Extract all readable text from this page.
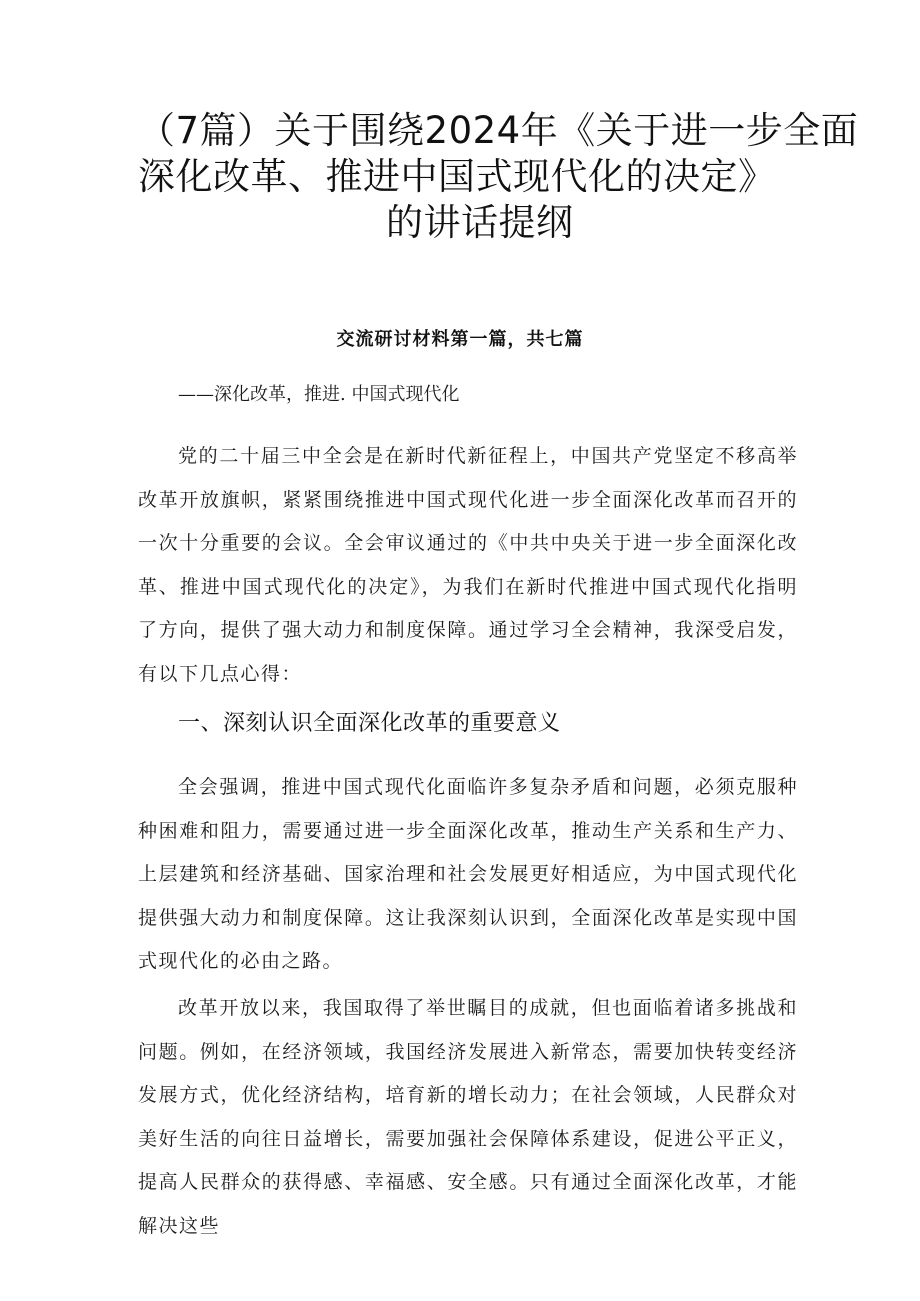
（7篇）关于围绕2024年《关于进一步全面
深化改革、推进中国式现代化的决定》
的讲话提纲
交流研讨材料第一篇，共七篇
——深化改革，推进. 中国式现代化

党的二十届三中全会是在新时代新征程上，中国共产党坚定不移高举改革开放旗帜，紧紧围绕推进中国式现代化进一步全面深化改革而召开的一次十分重要的会议。全会审议通过的《中共中央关于进一步全面深化改革、推进中国式现代化的决定》，为我们在新时代推进中国式现代化指明了方向，提供了强大动力和制度保障。通过学习全会精神，我深受启发，有以下几点心得：

一、深刻认识全面深化改革的重要意义

全会强调，推进中国式现代化面临许多复杂矛盾和问题，必须克服种种困难和阻力，需要通过进一步全面深化改革，推动生产关系和生产力、上层建筑和经济基础、国家治理和社会发展更好相适应，为中国式现代化提供强大动力和制度保障。这让我深刻认识到，全面深化改革是实现中国式现代化的必由之路。

改革开放以来，我国取得了举世瞩目的成就，但也面临着诸多挑战和问题。例如，在经济领域，我国经济发展进入新常态，需要加快转变经济发展方式，优化经济结构，培育新的增长动力；在社会领域，人民群众对美好生活的向往日益增长，需要加强社会保障体系建设，促进公平正义，提高人民群众的获得感、幸福感、安全感。只有通过全面深化改革，才能解决这些
